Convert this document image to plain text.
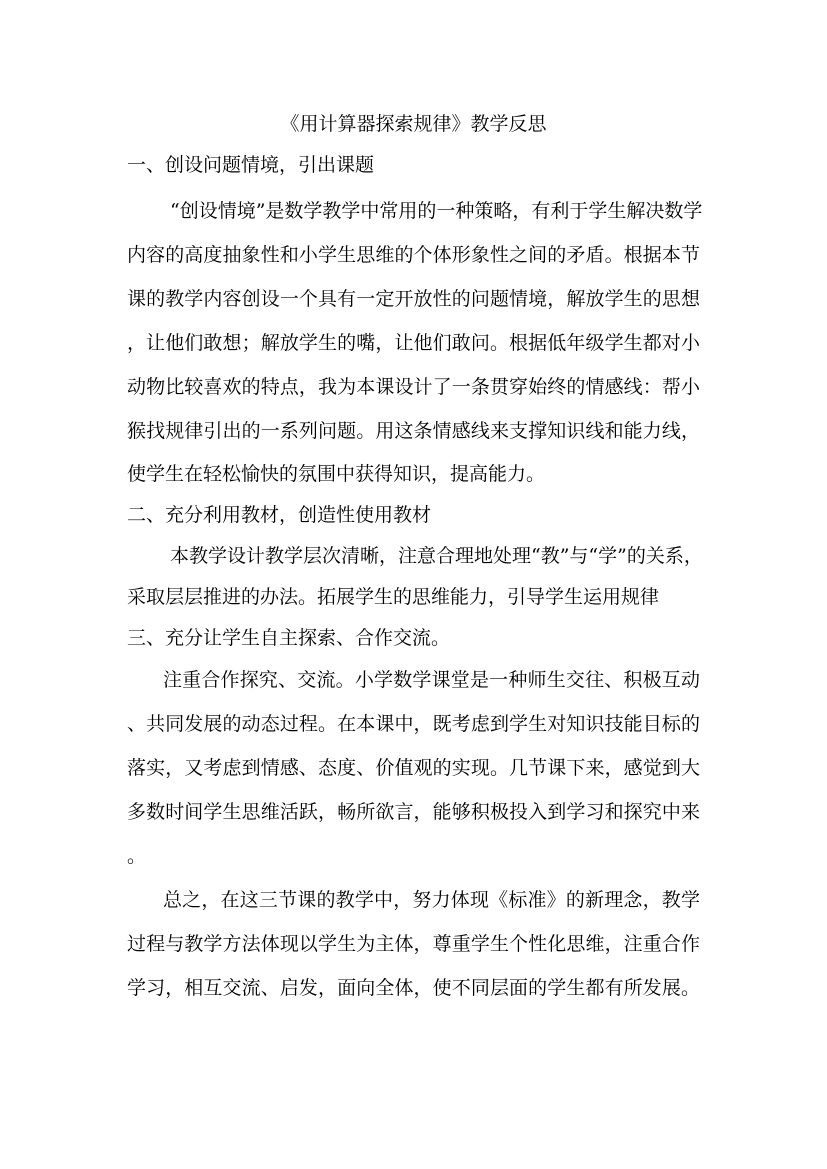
《用计算器探索规律》教学反思
一、创设问题情境，引出课题
“创设情境”是数学教学中常用的一种策略，有利于学生解决数学
内容的高度抽象性和小学生思维的个体形象性之间的矛盾。根据本节
课的教学内容创设一个具有一定开放性的问题情境，解放学生的思想
，让他们敢想；解放学生的嘴，让他们敢问。根据低年级学生都对小
动物比较喜欢的特点，我为本课设计了一条贯穿始终的情感线：帮小
猴找规律引出的一系列问题。用这条情感线来支撑知识线和能力线，
使学生在轻松愉快的氛围中获得知识，提高能力。
二、充分利用教材，创造性使用教材
本教学设计教学层次清晰，注意合理地处理“教”与“学”的关系，
采取层层推进的办法。拓展学生的思维能力，引导学生运用规律
三、充分让学生自主探索、合作交流。
注重合作探究、交流。小学数学课堂是一种师生交往、积极互动
、共同发展的动态过程。在本课中，既考虑到学生对知识技能目标的
落实，又考虑到情感、态度、价值观的实现。几节课下来，感觉到大
多数时间学生思维活跃，畅所欲言，能够积极投入到学习和探究中来
。
总之，在这三节课的教学中，努力体现《标准》的新理念，教学
过程与教学方法体现以学生为主体，尊重学生个性化思维，注重合作
学习，相互交流、启发，面向全体，使不同层面的学生都有所发展。
